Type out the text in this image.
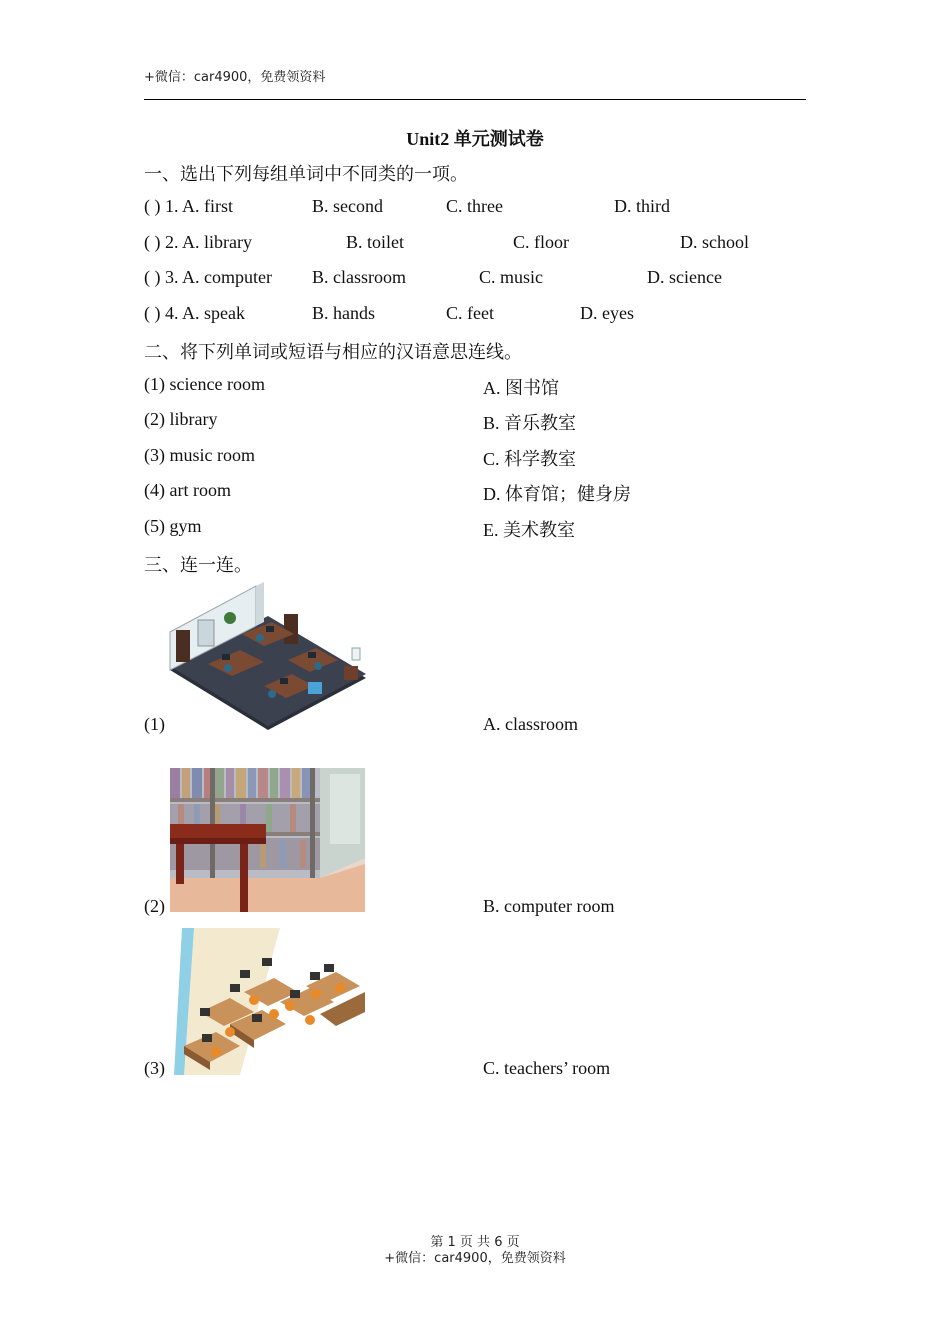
+微信：car4900，免费领资料
Unit2 单元测试卷
一、选出下列每组单词中不同类的一项。
( ) 1. A. first	B. second	C. three	D. third
( ) 2. A. library	B. toilet	C. floor	D. school
( ) 3. A. computer B. classroom	C. music	D. science
( ) 4. A. speak	B. hands	C. feet	D. eyes
二、将下列单词或短语与相应的汉语意思连线。
(1) science room	A. 图书馆
(2) library	B. 音乐教室
(3) music room	C. 科学教室
(4) art room	D. 体育馆；健身房
(5) gym	E. 美术教室
三、连一连。
(1)	A. classroom
(2)	B. computer room
(3)	C. teachers’ room
第 1 页 共 6 页
+微信：car4900，免费领资料
